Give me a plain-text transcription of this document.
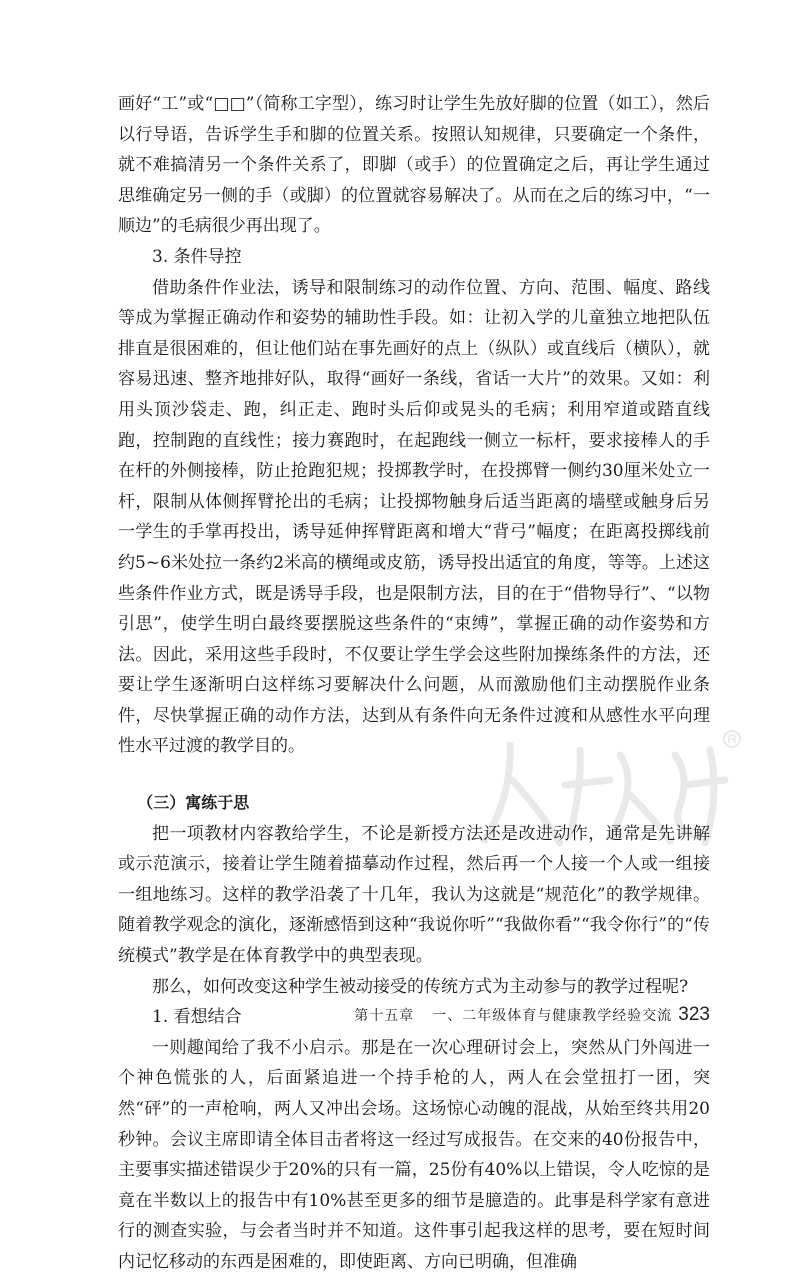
画好“工”或“□□”（简称工字型），练习时让学生先放好脚的位置（如工），然后以行导语，告诉学生手和脚的位置关系。按照认知规律，只要确定一个条件，就不难搞清另一个条件关系了，即脚（或手）的位置确定之后，再让学生通过思维确定另一侧的手（或脚）的位置就容易解决了。从而在之后的练习中，“一顺边”的毛病很少再出现了。

3. 条件导控

借助条件作业法，诱导和限制练习的动作位置、方向、范围、幅度、路线等成为掌握正确动作和姿势的辅助性手段。如：让初入学的儿童独立地把队伍排直是很困难的，但让他们站在事先画好的点上（纵队）或直线后（横队），就容易迅速、整齐地排好队，取得“画好一条线，省话一大片”的效果。又如：利用头顶沙袋走、跑，纠正走、跑时头后仰或晃头的毛病；利用窄道或踏直线跑，控制跑的直线性；接力赛跑时，在起跑线一侧立一标杆，要求接棒人的手在杆的外侧接棒，防止抢跑犯规；投掷教学时，在投掷臂一侧约30厘米处立一杆，限制从体侧挥臂抡出的毛病；让投掷物触身后适当距离的墙壁或触身后另一学生的手掌再投出，诱导延伸挥臂距离和增大“背弓”幅度；在距离投掷线前约5~6米处拉一条约2米高的横绳或皮筋，诱导投出适宜的角度，等等。上述这些条件作业方式，既是诱导手段，也是限制方法，目的在于“借物导行”、“以物引思”，使学生明白最终要摆脱这些条件的“束缚”，掌握正确的动作姿势和方法。因此，采用这些手段时，不仅要让学生学会这些附加操练条件的方法，还要让学生逐渐明白这样练习要解决什么问题，从而激励他们主动摆脱作业条件，尽快掌握正确的动作方法，达到从有条件向无条件过渡和从感性水平向理性水平过渡的教学目的。

（三）寓练于思

把一项教材内容教给学生，不论是新授方法还是改进动作，通常是先讲解或示范演示，接着让学生随着描摹动作过程，然后再一个人接一个人或一组接一组地练习。这样的教学沿袭了十几年，我认为这就是“规范化”的教学规律。随着教学观念的演化，逐渐感悟到这种“我说你听”“我做你看”“我令你行”的“传统模式”教学是在体育教学中的典型表现。

那么，如何改变这种学生被动接受的传统方式为主动参与的教学过程呢?

1. 看想结合

一则趣闻给了我不小启示。那是在一次心理研讨会上，突然从门外闯进一个神色慌张的人，后面紧追进一个持手枪的人，两人在会堂扭打一团，突然“砰”的一声枪响，两人又冲出会场。这场惊心动魄的混战，从始至终共用20秒钟。会议主席即请全体目击者将这一经过写成报告。在交来的40份报告中，主要事实描述错误少于20%的只有一篇，25份有40%以上错误，令人吃惊的是竟在半数以上的报告中有10%甚至更多的细节是臆造的。此事是科学家有意进行的测查实验，与会者当时并不知道。这件事引起我这样的思考，要在短时间内记忆移动的东西是困难的，即使距离、方向已明确，但准确

第十五章 一、二年级体育与健康教学经验交流 323
